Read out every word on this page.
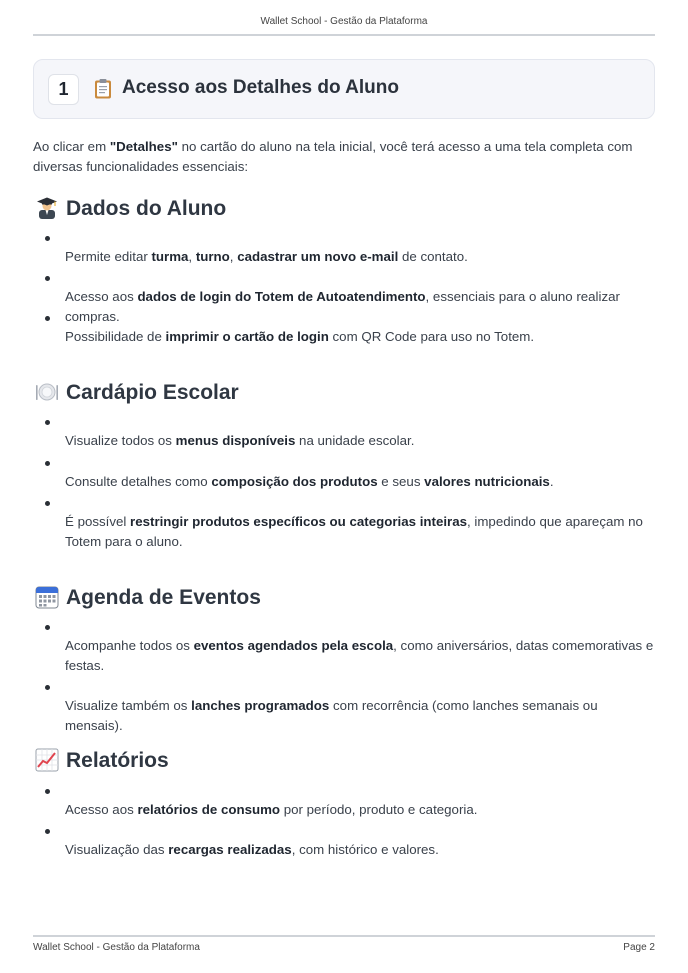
Wallet School - Gestão da Plataforma
1	Acesso aos Detalhes do Aluno
Ao clicar em "Detalhes" no cartão do aluno na tela inicial, você terá acesso a uma tela completa com diversas funcionalidades essenciais:
Dados do Aluno
Permite editar turma, turno, cadastrar um novo e-mail de contato.
Acesso aos dados de login do Totem de Autoatendimento, essenciais para o aluno realizar compras.
Possibilidade de imprimir o cartão de login com QR Code para uso no Totem.
Cardápio Escolar
Visualize todos os menus disponíveis na unidade escolar.
Consulte detalhes como composição dos produtos e seus valores nutricionais.
É possível restringir produtos específicos ou categorias inteiras, impedindo que apareçam no Totem para o aluno.
Agenda de Eventos
Acompanhe todos os eventos agendados pela escola, como aniversários, datas comemorativas e festas.
Visualize também os lanches programados com recorrência (como lanches semanais ou mensais).
Relatórios
Acesso aos relatórios de consumo por período, produto e categoria.
Visualização das recargas realizadas, com histórico e valores.
Wallet School - Gestão da Plataforma	Page 2
